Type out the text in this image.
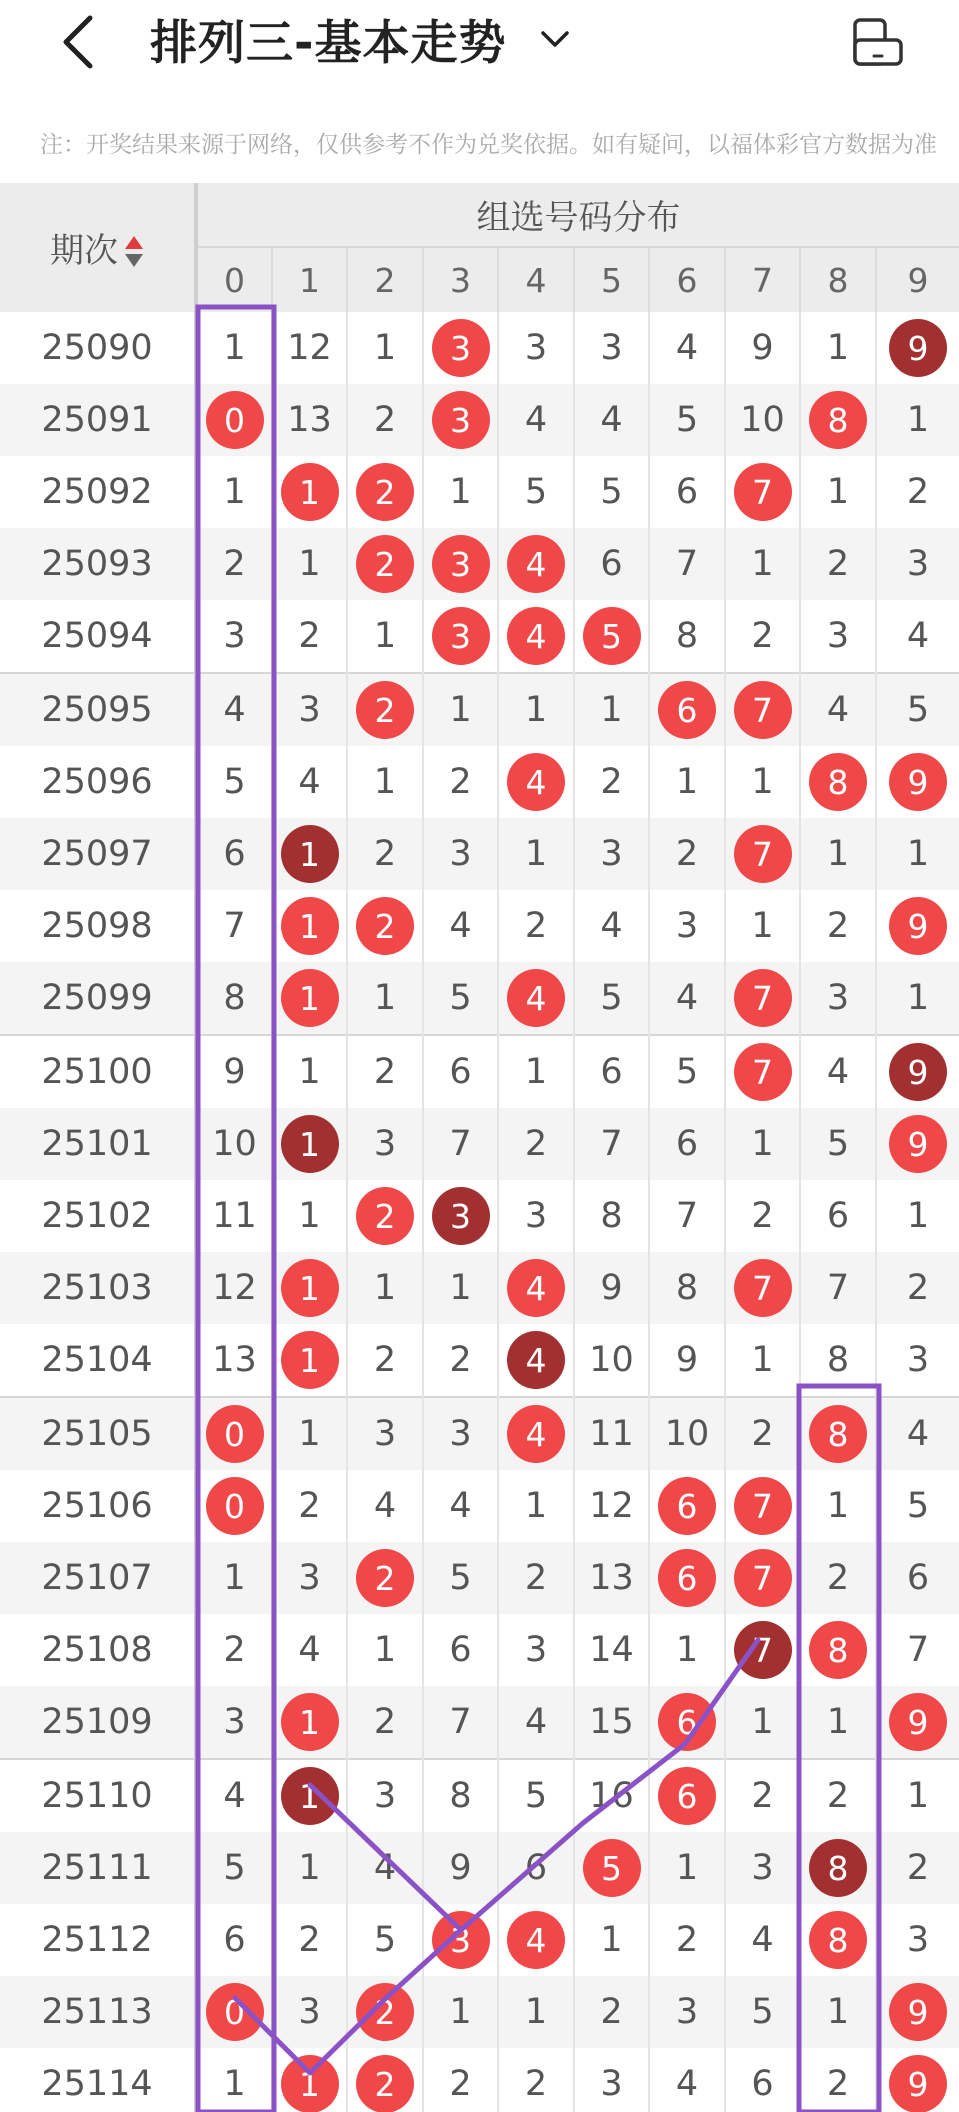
排列三-基本走势
注：开奖结果来源于网络，仅供参考不作为兑奖依据。如有疑问，以福体彩官方数据为准
期次	组选号码分布									
	0	1	2	3	4	5	6	7	8	9
25090	1	12	1	3	3	3	4	9	1	9
25091	0	13	2	3	4	4	5	10	8	1
25092	1	1	2	1	5	5	6	7	1	2
25093	2	1	2	3	4	6	7	1	2	3
25094	3	2	1	3	4	5	8	2	3	4
25095	4	3	2	1	1	1	6	7	4	5
25096	5	4	1	2	4	2	1	1	8	9
25097	6	1	2	3	1	3	2	7	1	1
25098	7	1	2	4	2	4	3	1	2	9
25099	8	1	1	5	4	5	4	7	3	1
25100	9	1	2	6	1	6	5	7	4	9
25101	10	1	3	7	2	7	6	1	5	9
25102	11	1	2	3	3	8	7	2	6	1
25103	12	1	1	1	4	9	8	7	7	2
25104	13	1	2	2	4	10	9	1	8	3
25105	0	1	3	3	4	11	10	2	8	4
25106	0	2	4	4	1	12	6	7	1	5
25107	1	3	2	5	2	13	6	7	2	6
25108	2	4	1	6	3	14	1	7	8	7
25109	3	1	2	7	4	15	6	1	1	9
25110	4	1	3	8	5	16	6	2	2	1
25111	5	1	4	9	6	5	1	3	8	2
25112	6	2	5	3	4	1	2	4	8	3
25113	0	3	2	1	1	2	3	5	1	9
25114	1	1	2	2	2	3	4	6	2	9
